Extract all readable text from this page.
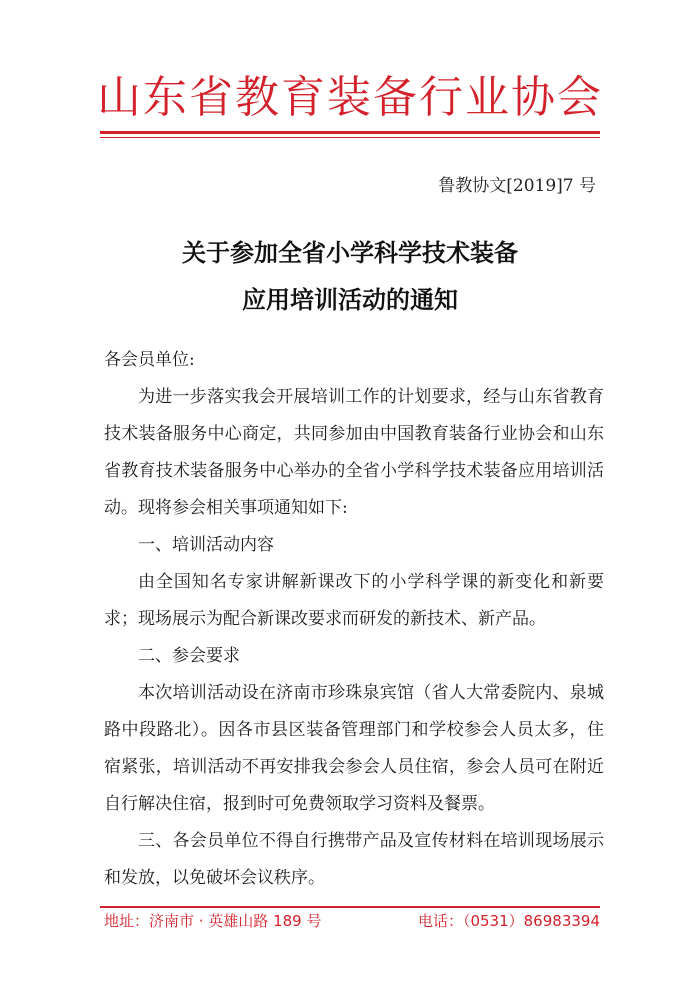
山东省教育装备行业协会
鲁教协文[2019]7 号
关于参加全省小学科学技术装备
应用培训活动的通知

各会员单位:

为进一步落实我会开展培训工作的计划要求，经与山东省教育技术装备服务中心商定，共同参加由中国教育装备行业协会和山东省教育技术装备服务中心举办的全省小学科学技术装备应用培训活动。现将参会相关事项通知如下:

一、培训活动内容

由全国知名专家讲解新课改下的小学科学课的新变化和新要求；现场展示为配合新课改要求而研发的新技术、新产品。

二、参会要求

本次培训活动设在济南市珍珠泉宾馆（省人大常委院内、泉城路中段路北）。因各市县区装备管理部门和学校参会人员太多，住宿紧张，培训活动不再安排我会参会人员住宿，参会人员可在附近自行解决住宿，报到时可免费领取学习资料及餐票。

三、各会员单位不得自行携带产品及宣传材料在培训现场展示和发放，以免破坏会议秩序。

地址：济南市 · 英雄山路 189 号	电话：（0531）86983394
